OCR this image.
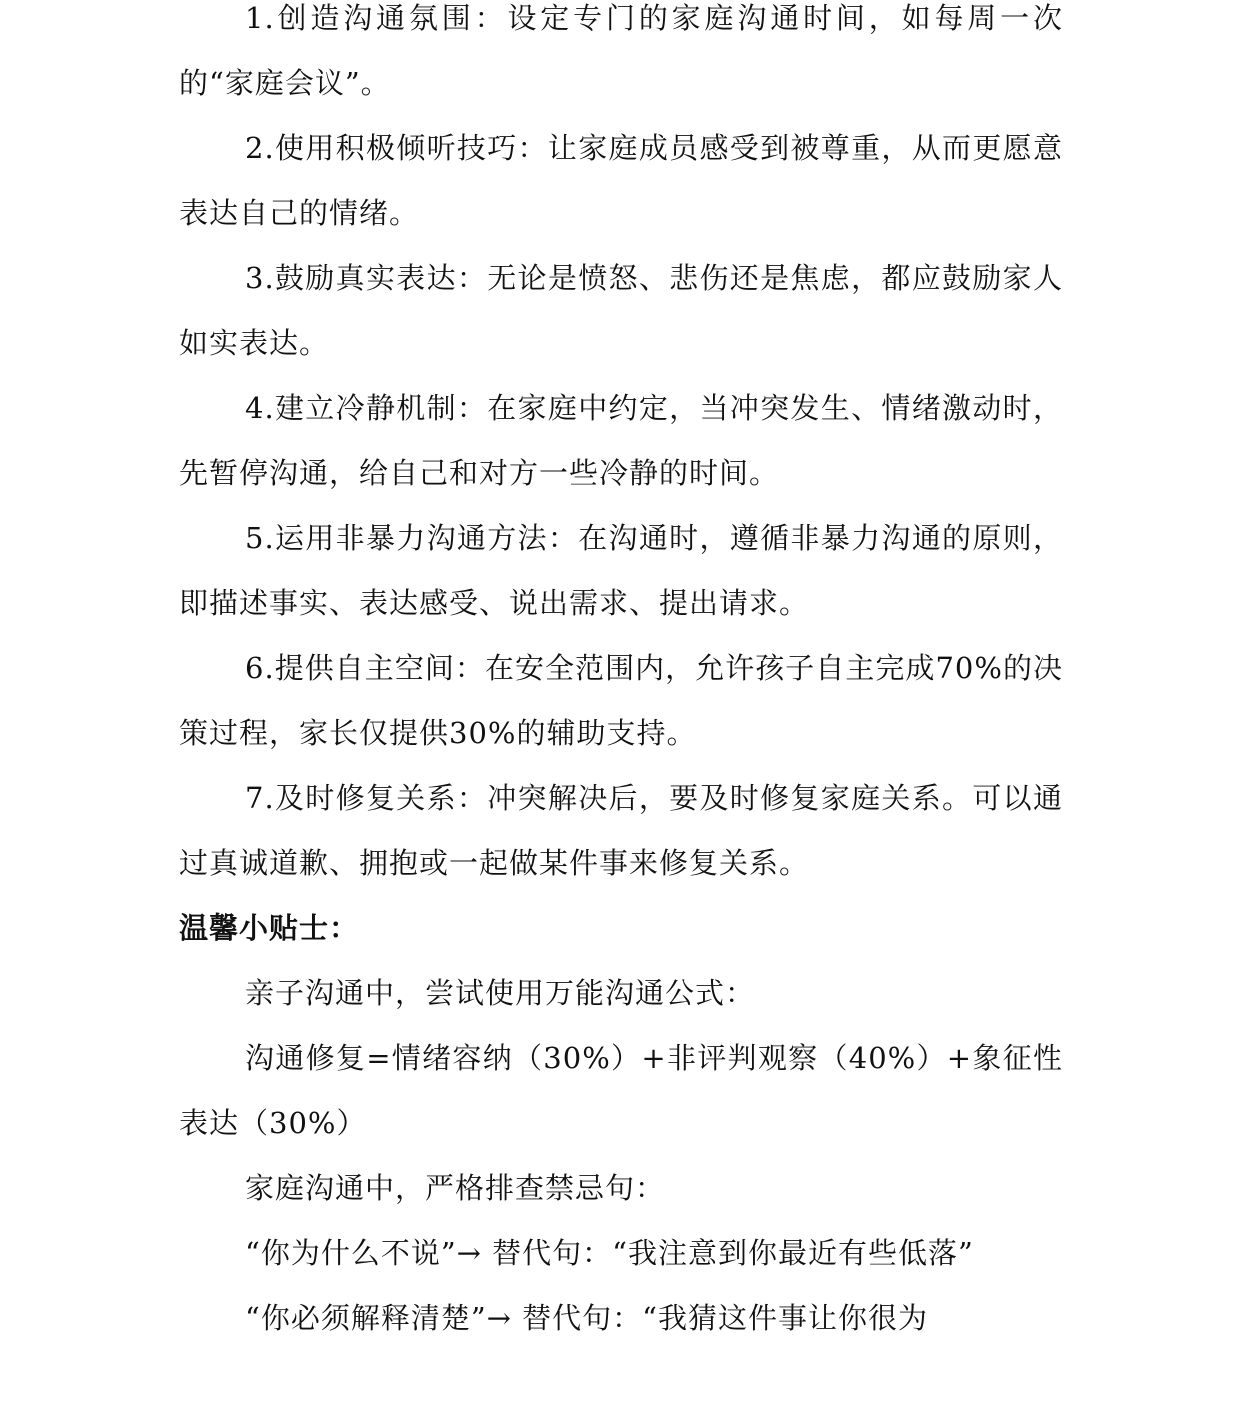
1.创造沟通氛围：设定专门的家庭沟通时间，如每周一次的“家庭会议”。

2.使用积极倾听技巧：让家庭成员感受到被尊重，从而更愿意表达自己的情绪。

3.鼓励真实表达：无论是愤怒、悲伤还是焦虑，都应鼓励家人如实表达。

4.建立冷静机制：在家庭中约定，当冲突发生、情绪激动时，先暂停沟通，给自己和对方一些冷静的时间。

5.运用非暴力沟通方法：在沟通时，遵循非暴力沟通的原则，即描述事实、表达感受、说出需求、提出请求。

6.提供自主空间：在安全范围内，允许孩子自主完成70%的决策过程，家长仅提供30%的辅助支持。

7.及时修复关系：冲突解决后，要及时修复家庭关系。可以通过真诚道歉、拥抱或一起做某件事来修复关系。

温馨小贴士：

亲子沟通中，尝试使用万能沟通公式：

沟通修复=情绪容纳（30%）+非评判观察（40%）+象征性表达（30%）

家庭沟通中，严格排查禁忌句：

“你为什么不说”→ 替代句：“我注意到你最近有些低落”

“你必须解释清楚”→ 替代句：“我猜这件事让你很为
